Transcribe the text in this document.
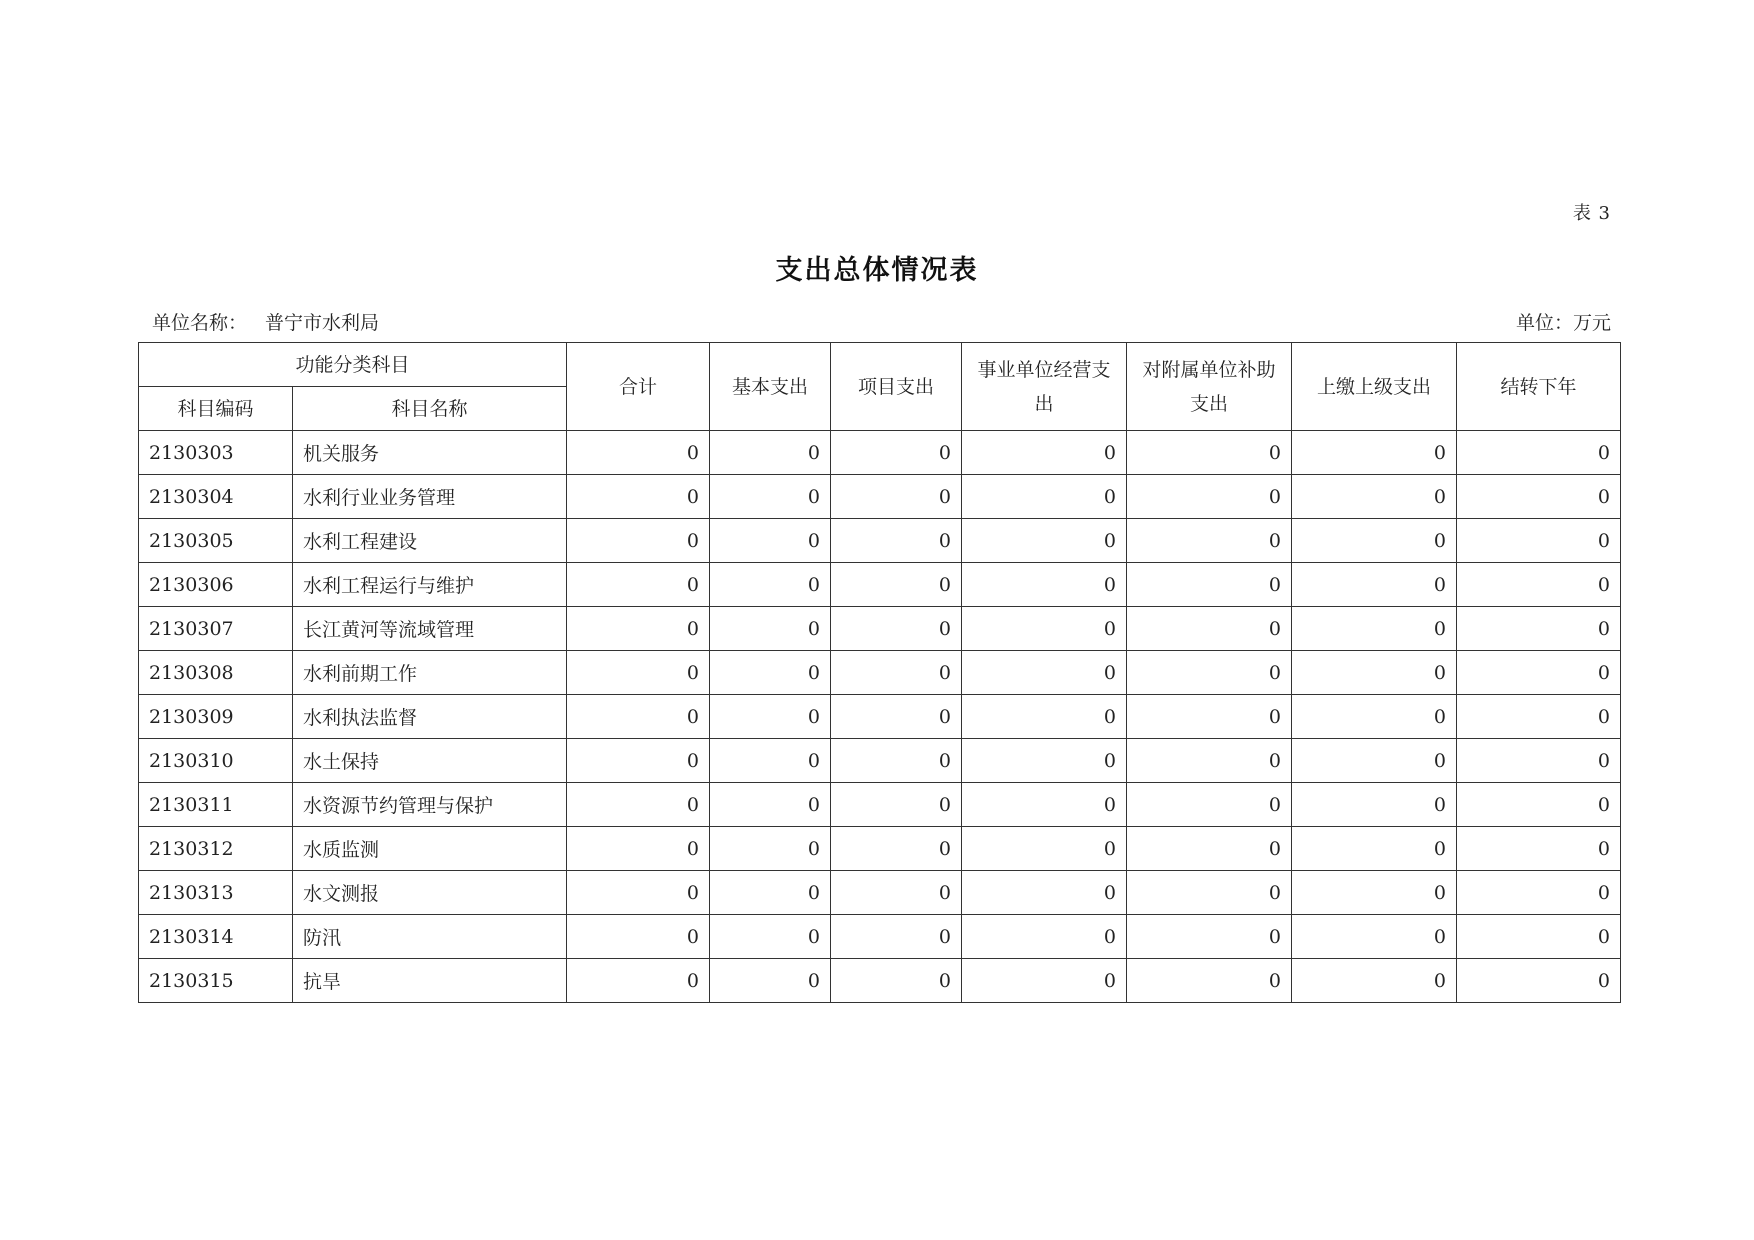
表 3
支出总体情况表
单位名称： 普宁市水利局	单位：万元
功能分类科目		合计	基本支出	项目支出	事业单位经营支出	对附属单位补助支出	上缴上级支出	结转下年
科目编码	科目名称							
2130303	机关服务	0	0	0	0	0	0	0
2130304	水利行业业务管理	0	0	0	0	0	0	0
2130305	水利工程建设	0	0	0	0	0	0	0
2130306	水利工程运行与维护	0	0	0	0	0	0	0
2130307	长江黄河等流域管理	0	0	0	0	0	0	0
2130308	水利前期工作	0	0	0	0	0	0	0
2130309	水利执法监督	0	0	0	0	0	0	0
2130310	水土保持	0	0	0	0	0	0	0
2130311	水资源节约管理与保护	0	0	0	0	0	0	0
2130312	水质监测	0	0	0	0	0	0	0
2130313	水文测报	0	0	0	0	0	0	0
2130314	防汛	0	0	0	0	0	0	0
2130315	抗旱	0	0	0	0	0	0	0
